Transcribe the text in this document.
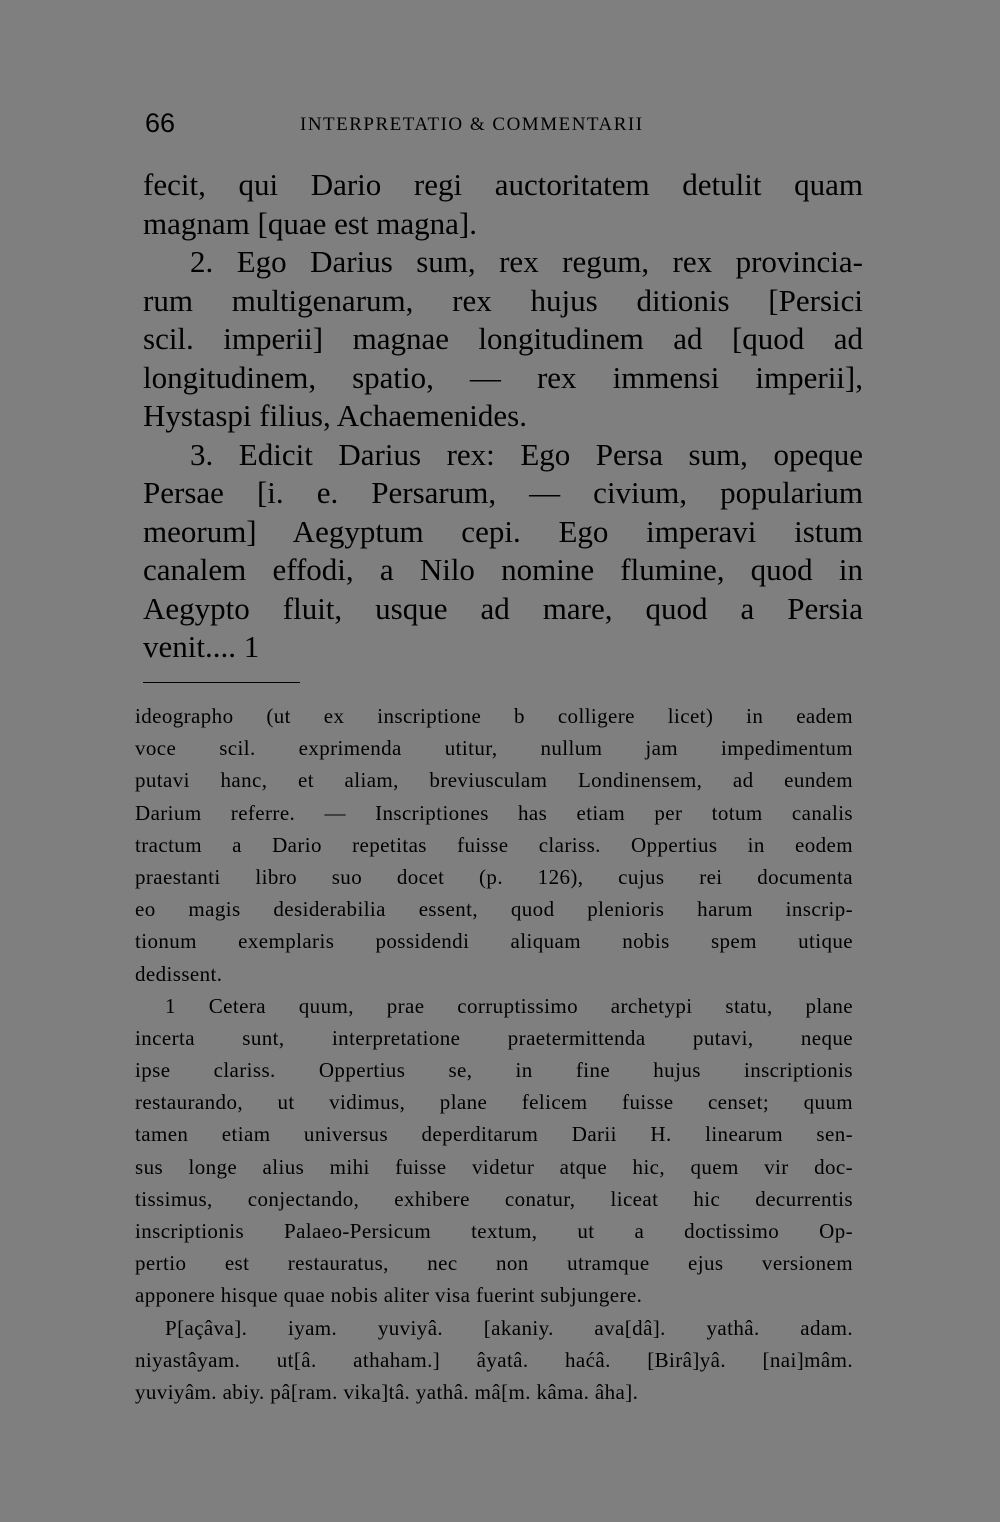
66	INTERPRETATIO & COMMENTARII
fecit, qui Dario regi auctoritatem detulit quam
magnam [quae est magna].
2. Ego Darius sum, rex regum, rex provincia-
rum multigenarum, rex hujus ditionis [Persici
scil. imperii] magnae longitudinem ad [quod ad
longitudinem, spatio, — rex immensi imperii],
Hystaspi filius, Achaemenides.
3. Edicit Darius rex: Ego Persa sum, opeque
Persae [i. e. Persarum, — civium, popularium
meorum] Aegyptum cepi. Ego imperavi istum
canalem effodi, a Nilo nomine flumine, quod in
Aegypto fluit, usque ad mare, quod a Persia
venit.... 1
ideographo (ut ex inscriptione b colligere licet) in eadem
voce scil. exprimenda utitur, nullum jam impedimentum
putavi hanc, et aliam, breviusculam Londinensem, ad eundem
Darium referre. — Inscriptiones has etiam per totum canalis
tractum a Dario repetitas fuisse clariss. Oppertius in eodem
praestanti libro suo docet (p. 126), cujus rei documenta
eo magis desiderabilia essent, quod plenioris harum inscrip-
tionum exemplaris possidendi aliquam nobis spem utique
dedissent.
1 Cetera quum, prae corruptissimo archetypi statu, plane
incerta sunt, interpretatione praetermittenda putavi, neque
ipse clariss. Oppertius se, in fine hujus inscriptionis
restaurando, ut vidimus, plane felicem fuisse censet; quum
tamen etiam universus deperditarum Darii H. linearum sen-
sus longe alius mihi fuisse videtur atque hic, quem vir doc-
tissimus, conjectando, exhibere conatur, liceat hic decurrentis
inscriptionis Palaeo-Persicum textum, ut a doctissimo Op-
pertio est restauratus, nec non utramque ejus versionem
apponere hisque quae nobis aliter visa fuerint subjungere.
P[açâva]. iyam. yuviyâ. [akaniy. ava[dâ]. yathâ. adam.
niyastâyam. ut[â. athaham.] âyatâ. haćâ. [Birâ]yâ. [nai]mâm.
yuviyâm. abiy. pâ[ram. vika]tâ. yathâ. mâ[m. kâma. âha].
